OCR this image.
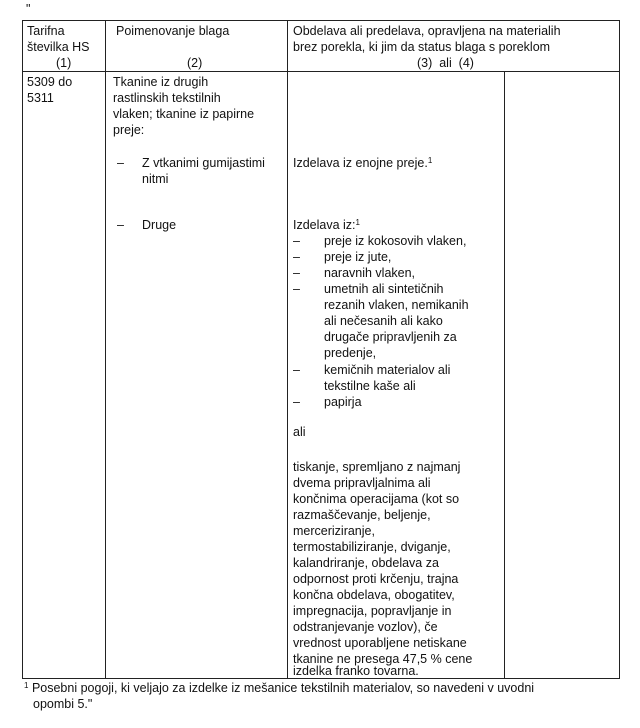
"
Tarifna
številka HS
(1)
Poimenovanje blaga
(2)
Obdelava ali predelava, opravljena na materialih
brez porekla, ki jim da status blaga s poreklom
(3)  ali  (4)
5309 do
5311
Tkanine iz drugih
rastlinskih tekstilnih
vlaken; tkanine iz papirne
preje:
– Z vtkanimi gumijastimi
nitmi
Izdelava iz enojne preje.$^1$
– Druge	Izdelava iz:$^1$
– preje iz kokosovih vlaken,
– preje iz jute,
– naravnih vlaken,
– umetnih ali sintetičnih
rezanih vlaken, nemikanih
ali nečesanih ali kako
drugače pripravljenih za
predenje,
– kemičnih materialov ali
tekstilne kaše ali
– papirja
ali
tiskanje, spremljano z najmanj
dvema pripravljalnima ali
končnima operacijama (kot so
razmaščevanje, beljenje,
merceriziranje,
termostabiliziranje, dviganje,
kalandriranje, obdelava za
odpornost proti krčenju, trajna
končna obdelava, obogatitev,
impregnacija, popravljanje in
odstranjevanje vozlov), če
vrednost uporabljene netiskane
tkanine ne presega 47,5 % cene
izdelka franko tovarna.
$^1$ Posebni pogoji, ki veljajo za izdelke iz mešanice tekstilnih materialov, so navedeni v uvodni
opombi 5."
